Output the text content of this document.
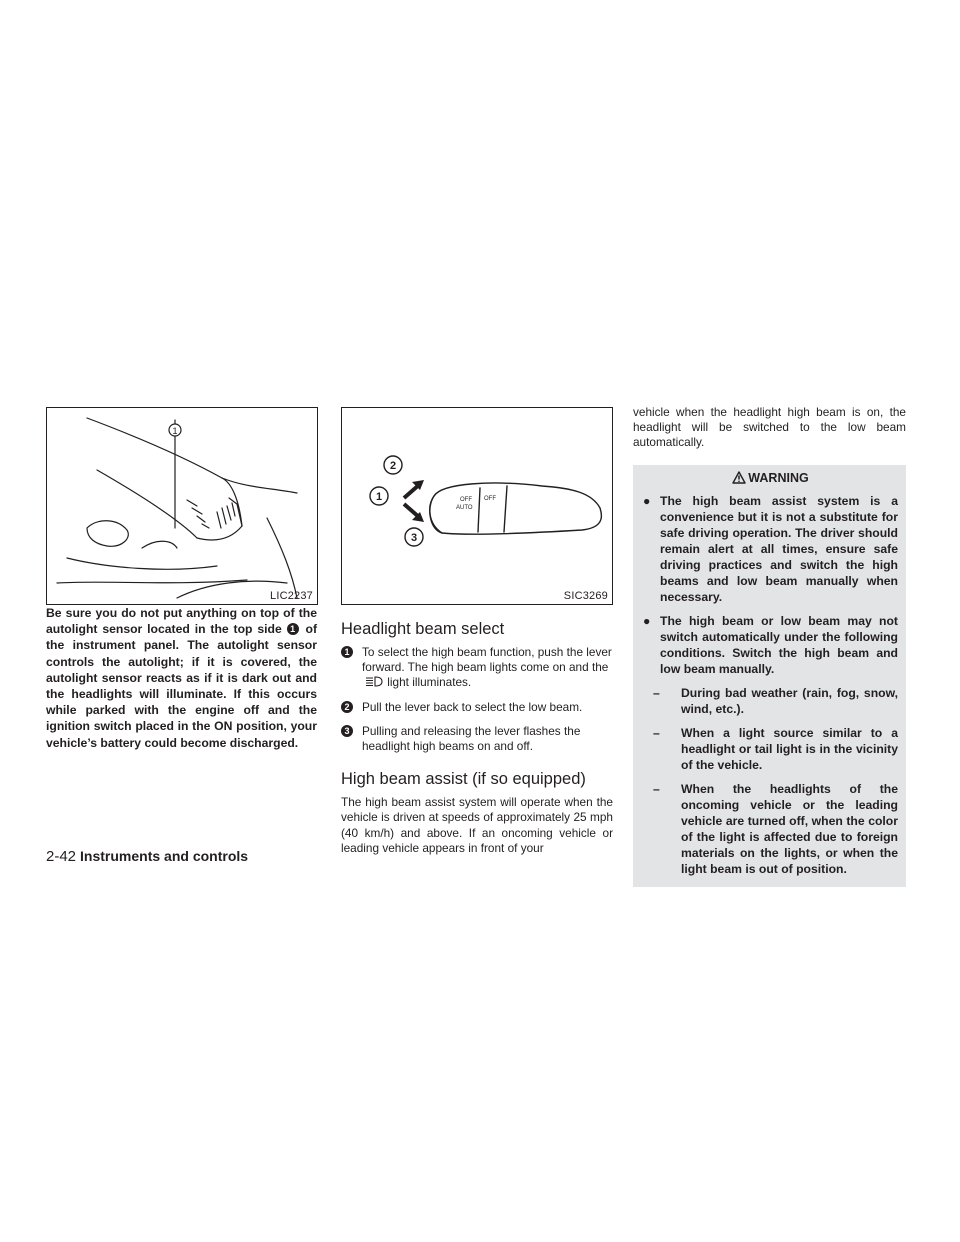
1
LIC2237
OFF
AUTO
OFF
2
1
3
SIC3269

Be sure you do not put anything on top of the autolight sensor located in the top side 1 of the instrument panel. The autolight sensor controls the autolight; if it is covered, the autolight sensor reacts as if it is dark out and the headlights will illuminate. If this occurs while parked with the engine off and the ignition switch placed in the ON position, your vehicle’s battery could become discharged.

Headlight beam select
1 To select the high beam function, push the lever forward. The high beam lights come on and the  light illuminates.
2 Pull the lever back to select the low beam.
3 Pulling and releasing the lever flashes the headlight high beams on and off.
High beam assist (if so equipped)

The high beam assist system will operate when the vehicle is driven at speeds of approximately 25 mph (40 km/h) and above. If an oncoming vehicle or leading vehicle appears in front of your

vehicle when the headlight high beam is on, the headlight will be switched to the low beam automatically.

WARNING
● The high beam assist system is a convenience but it is not a substitute for safe driving operation. The driver should remain alert at all times, ensure safe driving practices and switch the high beams and low beam manually when necessary.
● The high beam or low beam may not switch automatically under the following conditions. Switch the high beam and low beam manually.
– During bad weather (rain, fog, snow, wind, etc.).
– When a light source similar to a headlight or tail light is in the vicinity of the vehicle.
– When the headlights of the oncoming vehicle or the leading vehicle are turned off, when the color of the light is affected due to foreign materials on the lights, or when the light beam is out of position.
2-42 Instruments and controls
